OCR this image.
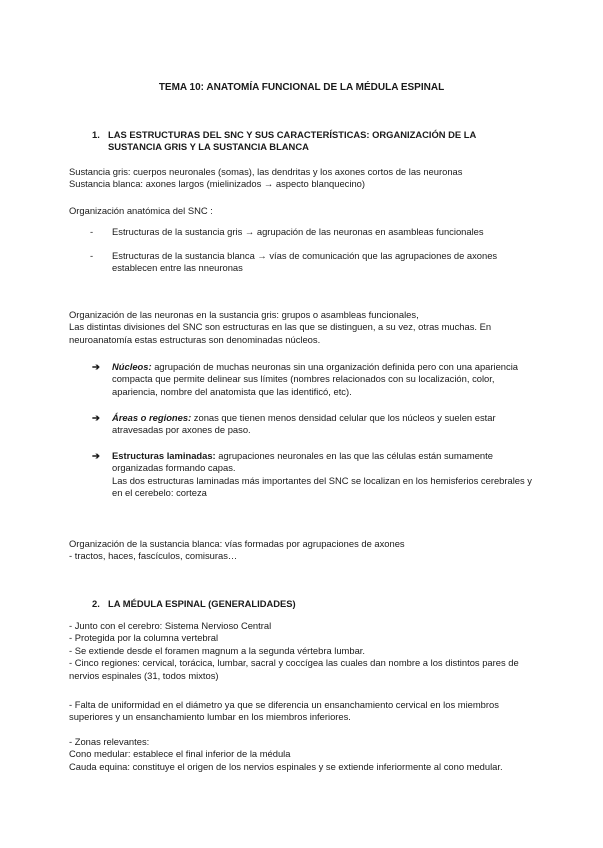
TEMA 10: ANATOMÍA FUNCIONAL DE LA MÉDULA ESPINAL
1. LAS ESTRUCTURAS DEL SNC Y SUS CARACTERÍSTICAS: ORGANIZACIÓN DE LA SUSTANCIA GRIS Y LA SUSTANCIA BLANCA

Sustancia gris: cuerpos neuronales (somas), las dendritas y los axones cortos de las neuronas

Sustancia blanca: axones largos (mielinizados → aspecto blanquecino)

Organización anatómica del SNC :

-	Estructuras de la sustancia gris → agrupación de las neuronas en asambleas funcionales
-	Estructuras de la sustancia blanca → vías de comunicación que las agrupaciones de axones establecen entre las nneuronas

Organización de las neuronas en la sustancia gris: grupos o asambleas funcionales,

Las distintas divisiones del SNC son estructuras en las que se distinguen, a su vez, otras muchas. En neuroanatomía estas estructuras son denominadas núcleos.

➔	Núcleos: agrupación de muchas neuronas sin una organización definida pero con una apariencia compacta que permite delinear sus límites (nombres relacionados con su localización, color, apariencia, nombre del anatomista que las identificó, etc).
➔	Áreas o regiones: zonas que tienen menos densidad celular que los núcleos y suelen estar atravesadas por axones de paso.
➔	Estructuras laminadas: agrupaciones neuronales en las que las células están sumamente organizadas formando capas.
Las dos estructuras laminadas más importantes del SNC se localizan en los hemisferios cerebrales y en el cerebelo: corteza

Organización de la sustancia blanca: vías formadas por agrupaciones de axones

- tractos, haces, fascículos, comisuras…

2. LA MÉDULA ESPINAL (GENERALIDADES)

- Junto con el cerebro: Sistema Nervioso Central

- Protegida por la columna vertebral

- Se extiende desde el foramen magnum a la segunda vértebra lumbar.

- Cinco regiones: cervical, torácica, lumbar, sacral y coccígea las cuales dan nombre a los distintos pares de nervios espinales (31, todos mixtos)

- Falta de uniformidad en el diámetro ya que se diferencia un ensanchamiento cervical en los miembros superiores y un ensanchamiento lumbar en los miembros inferiores.

- Zonas relevantes:

Cono medular: establece el final inferior de la médula

Cauda equina: constituye el origen de los nervios espinales y se extiende inferiormente al cono medular.
